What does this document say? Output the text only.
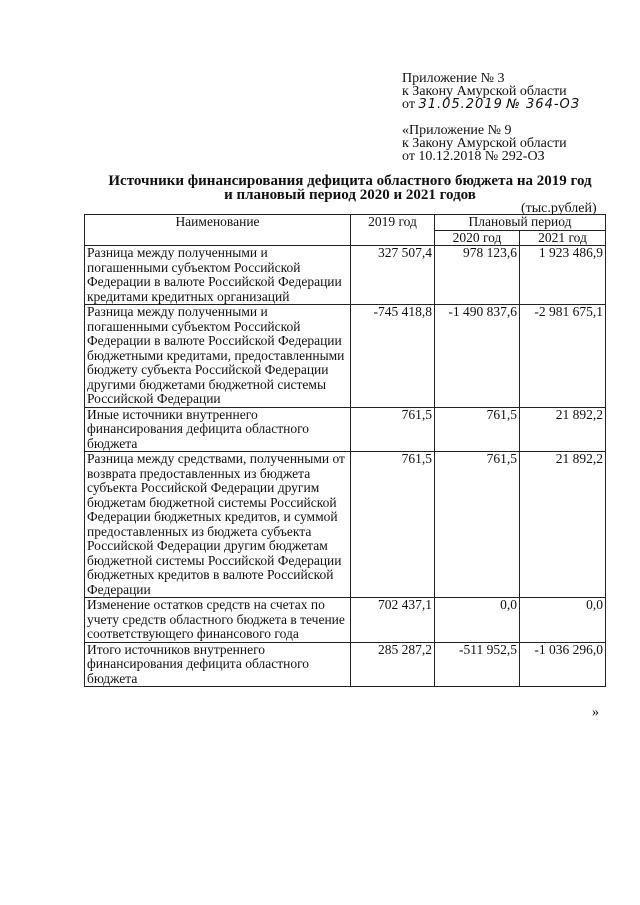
Приложение № 3
к Закону Амурской области
от 31.05.2019 № 364-ОЗ
«Приложение № 9
к Закону Амурской области
от 10.12.2018 № 292-ОЗ
Источники финансирования дефицита областного бюджета на 2019 год
и плановый период 2020 и 2021 годов
(тыс.рублей)
Наименование	2019 год	Плановый период	
		2020 год	2021 год
Разница между полученными и погашенными субъектом Российской Федерации в валюте Российской Федерации кредитами кредитных организаций	327 507,4	978 123,6	1 923 486,9
Разница между полученными и погашенными субъектом Российской Федерации в валюте Российской Федерации бюджетными кредитами, предоставленными бюджету субъекта Российской Федерации другими бюджетами бюджетной системы Российской Федерации	-745 418,8	-1 490 837,6	-2 981 675,1
Иные источники внутреннего финансирования дефицита областного бюджета	761,5	761,5	21 892,2
Разница между средствами, полученными от возврата предоставленных из бюджета субъекта Российской Федерации другим бюджетам бюджетной системы Российской Федерации бюджетных кредитов, и суммой предоставленных из бюджета субъекта Российской Федерации другим бюджетам бюджетной системы Российской Федерации бюджетных кредитов в валюте Российской Федерации	761,5	761,5	21 892,2
Изменение остатков средств на счетах по учету средств областного бюджета в течение соответствующего финансового года	702 437,1	0,0	0,0
Итого источников внутреннего финансирования дефицита областного бюджета	285 287,2	-511 952,5	-1 036 296,0
»
